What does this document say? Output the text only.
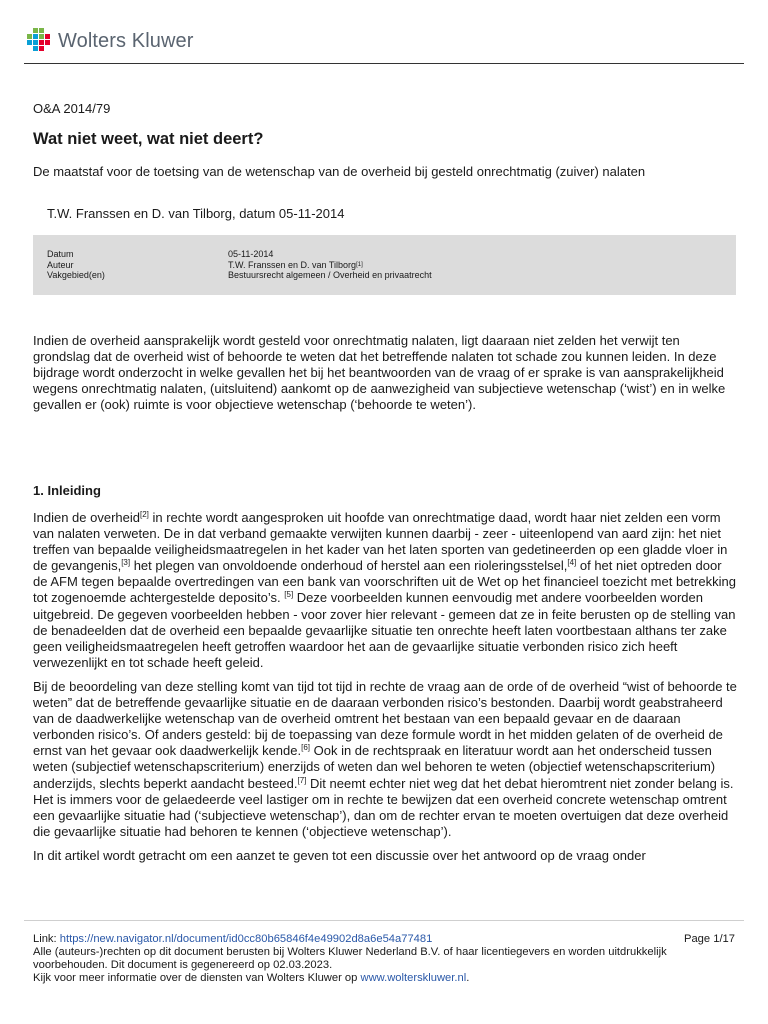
Wolters Kluwer
O&A 2014/79
Wat niet weet, wat niet deert?
De maatstaf voor de toetsing van de wetenschap van de overheid bij gesteld onrechtmatig (zuiver) nalaten
T.W. Franssen en D. van Tilborg, datum 05-11-2014
Datum	05-11-2014
Auteur	T.W. Franssen en D. van Tilborg[1]
Vakgebied(en)	Bestuursrecht algemeen / Overheid en privaatrecht

Indien de overheid aansprakelijk wordt gesteld voor onrechtmatig nalaten, ligt daaraan niet zelden het verwijt ten grondslag dat de overheid wist of behoorde te weten dat het betreffende nalaten tot schade zou kunnen leiden. In deze bijdrage wordt onderzocht in welke gevallen het bij het beantwoorden van de vraag of er sprake is van aansprakelijkheid wegens onrechtmatig nalaten, (uitsluitend) aankomt op de aanwezigheid van subjectieve wetenschap (‘wist’) en in welke gevallen er (ook) ruimte is voor objectieve wetenschap (‘behoorde te weten’).

1. Inleiding

Indien de overheid[2] in rechte wordt aangesproken uit hoofde van onrechtmatige daad, wordt haar niet zelden een vorm van nalaten verweten. De in dat verband gemaakte verwijten kunnen daarbij - zeer - uiteenlopend van aard zijn: het niet treffen van bepaalde veiligheidsmaatregelen in het kader van het laten sporten van gedetineerden op een gladde vloer in de gevangenis,[3] het plegen van onvoldoende onderhoud of herstel aan een rioleringsstelsel,[4] of het niet optreden door de AFM tegen bepaalde overtredingen van een bank van voorschriften uit de Wet op het financieel toezicht met betrekking tot zogenoemde achtergestelde deposito’s. [5] Deze voorbeelden kunnen eenvoudig met andere voorbeelden worden uitgebreid. De gegeven voorbeelden hebben - voor zover hier relevant - gemeen dat ze in feite berusten op de stelling van de benadeelden dat de overheid een bepaalde gevaarlijke situatie ten onrechte heeft laten voortbestaan althans ter zake geen veiligheidsmaatregelen heeft getroffen waardoor het aan de gevaarlijke situatie verbonden risico zich heeft verwezenlijkt en tot schade heeft geleid.

Bij de beoordeling van deze stelling komt van tijd tot tijd in rechte de vraag aan de orde of de overheid “wist of behoorde te weten” dat de betreffende gevaarlijke situatie en de daaraan verbonden risico’s bestonden. Daarbij wordt geabstraheerd van de daadwerkelijke wetenschap van de overheid omtrent het bestaan van een bepaald gevaar en de daaraan verbonden risico’s. Of anders gesteld: bij de toepassing van deze formule wordt in het midden gelaten of de overheid de ernst van het gevaar ook daadwerkelijk kende.[6] Ook in de rechtspraak en literatuur wordt aan het onderscheid tussen weten (subjectief wetenschapscriterium) enerzijds of weten dan wel behoren te weten (objectief wetenschapscriterium) anderzijds, slechts beperkt aandacht besteed.[7] Dit neemt echter niet weg dat het debat hieromtrent niet zonder belang is. Het is immers voor de gelaedeerde veel lastiger om in rechte te bewijzen dat een overheid concrete wetenschap omtrent een gevaarlijke situatie had (‘subjectieve wetenschap’), dan om de rechter ervan te moeten overtuigen dat deze overheid die gevaarlijke situatie had behoren te kennen (‘objectieve wetenschap’).

In dit artikel wordt getracht om een aanzet te geven tot een discussie over het antwoord op de vraag onder

Link: https://new.navigator.nl/document/id0cc80b65846f4e49902d8a6e54a77481	Page 1/17
Alle (auteurs-)rechten op dit document berusten bij Wolters Kluwer Nederland B.V. of haar licentiegevers en worden uitdrukkelijk voorbehouden. Dit document is gegenereerd op 02.03.2023.
Kijk voor meer informatie over de diensten van Wolters Kluwer op www.wolterskluwer.nl.
